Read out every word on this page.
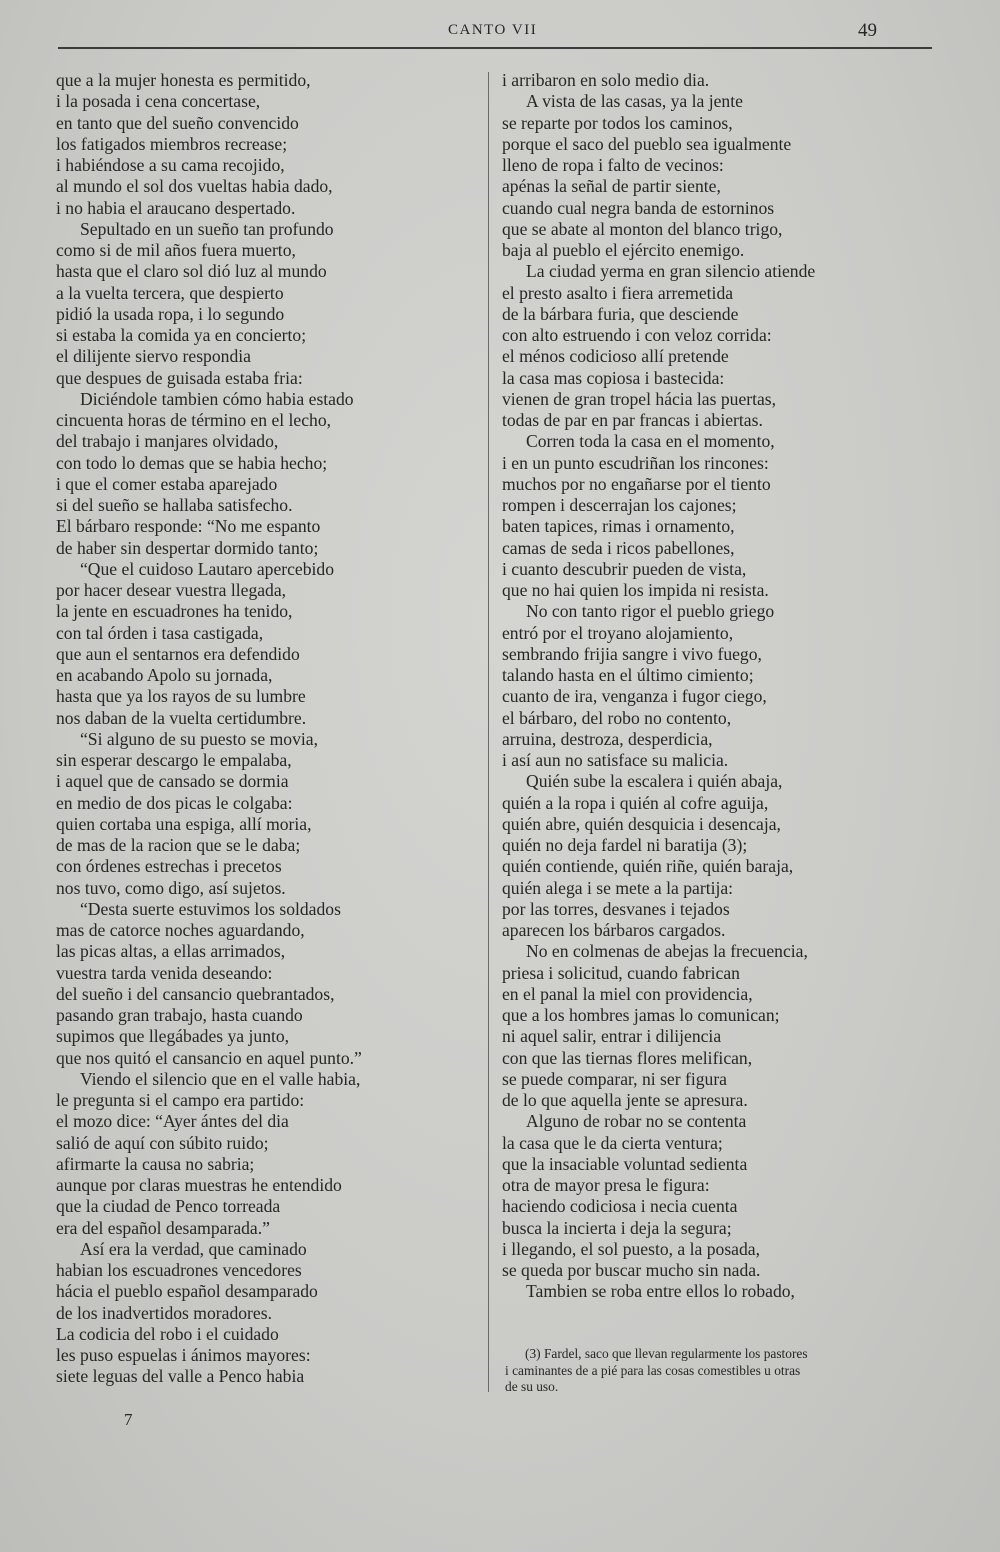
CANTO VII	49
que a la mujer honesta es permitido,
i la posada i cena concertase,
en tanto que del sueño convencido
los fatigados miembros recrease;
i habiéndose a su cama recojido,
al mundo el sol dos vueltas habia dado,
i no habia el araucano despertado.
Sepultado en un sueño tan profundo
como si de mil años fuera muerto,
hasta que el claro sol dió luz al mundo
a la vuelta tercera, que despierto
pidió la usada ropa, i lo segundo
si estaba la comida ya en concierto;
el dilijente siervo respondia
que despues de guisada estaba fria:
Diciéndole tambien cómo habia estado
cincuenta horas de término en el lecho,
del trabajo i manjares olvidado,
con todo lo demas que se habia hecho;
i que el comer estaba aparejado
si del sueño se hallaba satisfecho.
El bárbaro responde: “No me espanto
de haber sin despertar dormido tanto;
“Que el cuidoso Lautaro apercebido
por hacer desear vuestra llegada,
la jente en escuadrones ha tenido,
con tal órden i tasa castigada,
que aun el sentarnos era defendido
en acabando Apolo su jornada,
hasta que ya los rayos de su lumbre
nos daban de la vuelta certidumbre.
“Si alguno de su puesto se movia,
sin esperar descargo le empalaba,
i aquel que de cansado se dormia
en medio de dos picas le colgaba:
quien cortaba una espiga, allí moria,
de mas de la racion que se le daba;
con órdenes estrechas i precetos
nos tuvo, como digo, así sujetos.
“Desta suerte estuvimos los soldados
mas de catorce noches aguardando,
las picas altas, a ellas arrimados,
vuestra tarda venida deseando:
del sueño i del cansancio quebrantados,
pasando gran trabajo, hasta cuando
supimos que llegábades ya junto,
que nos quitó el cansancio en aquel punto.”
Viendo el silencio que en el valle habia,
le pregunta si el campo era partido:
el mozo dice: “Ayer ántes del dia
salió de aquí con súbito ruido;
afirmarte la causa no sabria;
aunque por claras muestras he entendido
que la ciudad de Penco torreada
era del español desamparada.”
Así era la verdad, que caminado
habian los escuadrones vencedores
hácia el pueblo español desamparado
de los inadvertidos moradores.
La codicia del robo i el cuidado
les puso espuelas i ánimos mayores:
siete leguas del valle a Penco habia
i arribaron en solo medio dia.
A vista de las casas, ya la jente
se reparte por todos los caminos,
porque el saco del pueblo sea igualmente
lleno de ropa i falto de vecinos:
apénas la señal de partir siente,
cuando cual negra banda de estorninos
que se abate al monton del blanco trigo,
baja al pueblo el ejército enemigo.
La ciudad yerma en gran silencio atiende
el presto asalto i fiera arremetida
de la bárbara furia, que desciende
con alto estruendo i con veloz corrida:
el ménos codicioso allí pretende
la casa mas copiosa i bastecida:
vienen de gran tropel hácia las puertas,
todas de par en par francas i abiertas.
Corren toda la casa en el momento,
i en un punto escudriñan los rincones:
muchos por no engañarse por el tiento
rompen i descerrajan los cajones;
baten tapices, rimas i ornamento,
camas de seda i ricos pabellones,
i cuanto descubrir pueden de vista,
que no hai quien los impida ni resista.
No con tanto rigor el pueblo griego
entró por el troyano alojamiento,
sembrando frijia sangre i vivo fuego,
talando hasta en el último cimiento;
cuanto de ira, venganza i fugor ciego,
el bárbaro, del robo no contento,
arruina, destroza, desperdicia,
i así aun no satisface su malicia.
Quién sube la escalera i quién abaja,
quién a la ropa i quién al cofre aguija,
quién abre, quién desquicia i desencaja,
quién no deja fardel ni baratija (3);
quién contiende, quién riñe, quién baraja,
quién alega i se mete a la partija:
por las torres, desvanes i tejados
aparecen los bárbaros cargados.
No en colmenas de abejas la frecuencia,
priesa i solicitud, cuando fabrican
en el panal la miel con providencia,
que a los hombres jamas lo comunican;
ni aquel salir, entrar i dilijencia
con que las tiernas flores melifican,
se puede comparar, ni ser figura
de lo que aquella jente se apresura.
Alguno de robar no se contenta
la casa que le da cierta ventura;
que la insaciable voluntad sedienta
otra de mayor presa le figura:
haciendo codiciosa i necia cuenta
busca la incierta i deja la segura;
i llegando, el sol puesto, a la posada,
se queda por buscar mucho sin nada.
Tambien se roba entre ellos lo robado,
(3) Fardel, saco que llevan regularmente los pastores
i caminantes de a pié para las cosas comestibles u otras
de su uso.
7
